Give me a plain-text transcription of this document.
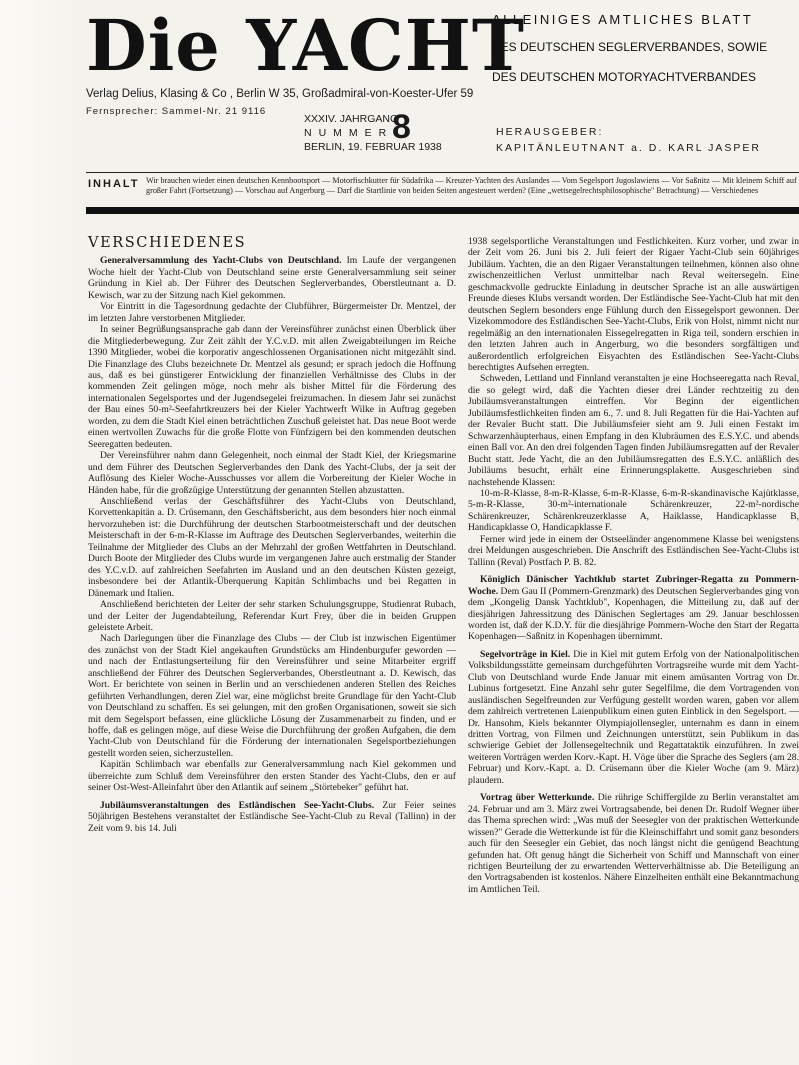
Die YACHT
Verlag Delius, Klasing & Co , Berlin W 35, Großadmiral-von-Koester-Ufer 59
Fernsprecher: Sammel-Nr. 21 9116
ALLEINIGES AMTLICHES BLATT
DES DEUTSCHEN SEGLERVERBANDES, SOWIE
DES DEUTSCHEN MOTORYACHTVERBANDES
XXXIV. JAHRGANG
NUMMER
BERLIN, 19. FEBRUAR 1938
8	HERAUSGEBER:
KAPITÄNLEUTNANT a. D. KARL JASPER
INHALT Wir brauchen wieder einen deutschen Kennbootsport — Motorfischkutter für Südafrika — Kreuzer-Yachten des Auslandes — Vom Segelsport Jugoslawiens — Vor Saßnitz — Mit kleinem Schiff auf großer Fahrt (Fortsetzung) — Vorschau auf Angerburg — Darf die Startlinie von beiden Seiten angesteuert werden? (Eine „wettsegelrechtsphilosophische" Betrachtung) — Verschiedenes
VERSCHIEDENES

Generalversammlung des Yacht-Clubs von Deutschland. Im Laufe der vergangenen Woche hielt der Yacht-Club von Deutschland seine erste Generalversammlung seit seiner Gründung in Kiel ab. Der Führer des Deutschen Seglerverbandes, Oberstleutnant a. D. Kewisch, war zu der Sitzung nach Kiel gekommen.

Vor Eintritt in die Tagesordnung gedachte der Clubführer, Bürgermeister Dr. Mentzel, der im letzten Jahre verstorbenen Mitglieder.

In seiner Begrüßungsansprache gab dann der Vereinsführer zunächst einen Überblick über die Mitgliederbewegung. Zur Zeit zählt der Y.C.v.D. mit allen Zweigabteilungen im Reiche 1390 Mitglieder, wobei die korporativ angeschlossenen Organisationen nicht mitgezählt sind. Die Finanzlage des Clubs bezeichnete Dr. Mentzel als gesund; er sprach jedoch die Hoffnung aus, daß es bei günstigerer Entwicklung der finanziellen Verhältnisse des Clubs in der kommenden Zeit gelingen möge, noch mehr als bisher Mittel für die Förderung des internationalen Segelsportes und der Jugendsegelei freizumachen. In diesem Jahr sei zunächst der Bau eines 50-m²-Seefahrtkreuzers bei der Kieler Yachtwerft Wilke in Auftrag gegeben worden, zu dem die Stadt Kiel einen beträchtlichen Zuschuß geleistet hat. Das neue Boot werde einen wertvollen Zuwachs für die große Flotte von Fünfzigern bei den kommenden deutschen Seeregatten bedeuten.

Der Vereinsführer nahm dann Gelegenheit, noch einmal der Stadt Kiel, der Kriegsmarine und dem Führer des Deutschen Seglerverbandes den Dank des Yacht-Clubs, der ja seit der Auflösung des Kieler Woche-Ausschusses vor allem die Vorbereitung der Kieler Woche in Händen habe, für die großzügige Unterstützung der genannten Stellen abzustatten.

Anschließend verlas der Geschäftsführer des Yacht-Clubs von Deutschland, Korvettenkapitän a. D. Crüsemann, den Geschäftsbericht, aus dem besonders hier noch einmal hervorzuheben ist: die Durchführung der deutschen Starbootmeisterschaft und der deutschen Meisterschaft in der 6-m-R-Klasse im Auftrage des Deutschen Seglerverbandes, weiterhin die Teilnahme der Mitglieder des Clubs an der Mehrzahl der großen Wettfahrten in Deutschland. Durch Boote der Mitglieder des Clubs wurde im vergangenen Jahre auch erstmalig der Stander des Y.C.v.D. auf zahlreichen Seefahrten im Ausland und an den deutschen Küsten gezeigt, insbesondere bei der Atlantik-Überquerung Kapitän Schlimbachs und bei Regatten in Dänemark und Italien.

Anschließend berichteten der Leiter der sehr starken Schulungsgruppe, Studienrat Rubach, und der Leiter der Jugendabteilung, Referendar Kurt Frey, über die in beiden Gruppen geleistete Arbeit.

Nach Darlegungen über die Finanzlage des Clubs — der Club ist inzwischen Eigentümer des zunächst von der Stadt Kiel angekauften Grundstücks am Hindenburgufer geworden — und nach der Entlastungserteilung für den Vereinsführer und seine Mitarbeiter ergriff anschließend der Führer des Deutschen Seglerverbandes, Oberstleutnant a. D. Kewisch, das Wort. Er berichtete von seinen in Berlin und an verschiedenen anderen Stellen des Reiches geführten Verhandlungen, deren Ziel war, eine möglichst breite Grundlage für den Yacht-Club von Deutschland zu schaffen. Es sei gelungen, mit den großen Organisationen, soweit sie sich mit dem Segelsport befassen, eine glückliche Lösung der Zusammenarbeit zu finden, und er hoffe, daß es gelingen möge, auf diese Weise die Durchführung der großen Aufgaben, die dem Yacht-Club von Deutschland für die Förderung der internationalen Segelsportbeziehungen gestellt worden seien, sicherzustellen.

Kapitän Schlimbach war ebenfalls zur Generalversammlung nach Kiel gekommen und überreichte zum Schluß dem Vereinsführer den ersten Stander des Yacht-Clubs, den er auf seiner Ost-West-Alleinfahrt über den Atlantik auf seinem „Störtebeker" geführt hat.

Jubiläumsveranstaltungen des Estländischen See-Yacht-Clubs. Zur Feier seines 50jährigen Bestehens veranstaltet der Estländische See-Yacht-Club zu Reval (Tallinn) in der Zeit vom 9. bis 14. Juli

1938 segelsportliche Veranstaltungen und Festlichkeiten. Kurz vorher, und zwar in der Zeit vom 26. Juni bis 2. Juli feiert der Rigaer Yacht-Club sein 60jähriges Jubiläum. Yachten, die an den Rigaer Veranstaltungen teilnehmen, können also ohne zwischenzeitlichen Verlust unmittelbar nach Reval weitersegeln. Eine geschmackvolle gedruckte Einladung in deutscher Sprache ist an alle auswärtigen Freunde dieses Klubs versandt worden. Der Estländische See-Yacht-Club hat mit den deutschen Seglern besonders enge Fühlung durch den Eissegelsport gewonnen. Der Vizekommodore des Estländischen See-Yacht-Clubs, Erik von Holst, nimmt nicht nur regelmäßig an den internationalen Eissegelregatten in Riga teil, sondern erschien in den letzten Jahren auch in Angerburg, wo die besonders sorgfältigen und außerordentlich erfolgreichen Eisyachten des Estländischen See-Yacht-Clubs berechtigtes Aufsehen erregten.

Schweden, Lettland und Finnland veranstalten je eine Hochseeregatta nach Reval, die so gelegt wird, daß die Yachten dieser drei Länder rechtzeitig zu den Jubiläumsveranstaltungen eintreffen. Vor Beginn der eigentlichen Jubiläumsfestlichkeiten finden am 6., 7. und 8. Juli Regatten für die Hai-Yachten auf der Revaler Bucht statt. Die Jubiläumsfeier sieht am 9. Juli einen Festakt im Schwarzenhäupterhaus, einen Empfang in den Klubräumen des E.S.Y.C. und abends einen Ball vor. An den drei folgenden Tagen finden Jubiläumsregatten auf der Revaler Bucht statt. Jede Yacht, die an den Jubiläumsregatten des E.S.Y.C. anläßlich des Jubiläums besucht, erhält eine Erinnerungsplakette. Ausgeschrieben sind nachstehende Klassen:

10-m-R-Klasse, 8-m-R-Klasse, 6-m-R-Klasse, 6-m-R-skandinavische Kajütklasse, 5-m-R-Klasse, 30-m²-internationale Schärenkreuzer, 22-m²-nordische Schärenkreuzer, Schärenkreuzerklasse A, Haiklasse, Handicapklasse B, Handicapklasse O, Handicapklasse F.

Ferner wird jede in einem der Ostseeländer angenommene Klasse bei wenigstens drei Meldungen ausgeschrieben. Die Anschrift des Estländischen See-Yacht-Clubs ist Tallinn (Reval) Postfach P. B. 82.

Königlich Dänischer Yachtklub startet Zubringer-Regatta zu Pommern-Woche. Dem Gau II (Pommern-Grenzmark) des Deutschen Seglerverbandes ging von dem „Kongelig Dansk Yachtklub", Kopenhagen, die Mitteilung zu, daß auf der diesjährigen Jahressitzung des Dänischen Seglertages am 29. Januar beschlossen worden ist, daß der K.D.Y. für die diesjährige Pommern-Woche den Start der Regatta Kopenhagen—Saßnitz in Kopenhagen übernimmt.

Segelvorträge in Kiel. Die in Kiel mit gutem Erfolg von der Nationalpolitischen Volksbildungsstätte gemeinsam durchgeführten Vortragsreihe wurde mit dem Yacht-Club von Deutschland wurde Ende Januar mit einem amüsanten Vortrag von Dr. Lubinus fortgesetzt. Eine Anzahl sehr guter Segelfilme, die dem Vortragenden von ausländischen Segelfreunden zur Verfügung gestellt worden waren, gaben vor allem dem zahlreich vertretenen Laienpublikum einen guten Einblick in den Segelsport. — Dr. Hansohm, Kiels bekannter Olympiajollensegler, unternahm es dann in einem dritten Vortrag, von Filmen und Zeichnungen unterstützt, sein Publikum in das schwierige Gebiet der Jollensegeltechnik und Regattataktik einzuführen. In zwei weiteren Vorträgen werden Korv.-Kapt. H. Vöge über die Sprache des Seglers (am 28. Februar) und Korv.-Kapt. a. D. Crüsemann über die Kieler Woche (am 9. März) plaudern.

Vortrag über Wetterkunde. Die rührige Schiffergilde zu Berlin veranstaltet am 24. Februar und am 3. März zwei Vortragsabende, bei denen Dr. Rudolf Wegner über das Thema sprechen wird: „Was muß der Seesegler von der praktischen Wetterkunde wissen?" Gerade die Wetterkunde ist für die Kleinschiffahrt und somit ganz besonders auch für den Seesegler ein Gebiet, das noch längst nicht die genügend Beachtung gefunden hat. Oft genug hängt die Sicherheit von Schiff und Mannschaft von einer richtigen Beurteilung der zu erwartenden Wetterverhältnisse ab. Die Beteiligung an den Vortragsabenden ist kostenlos. Nähere Einzelheiten enthält eine Bekanntmachung im Amtlichen Teil.
